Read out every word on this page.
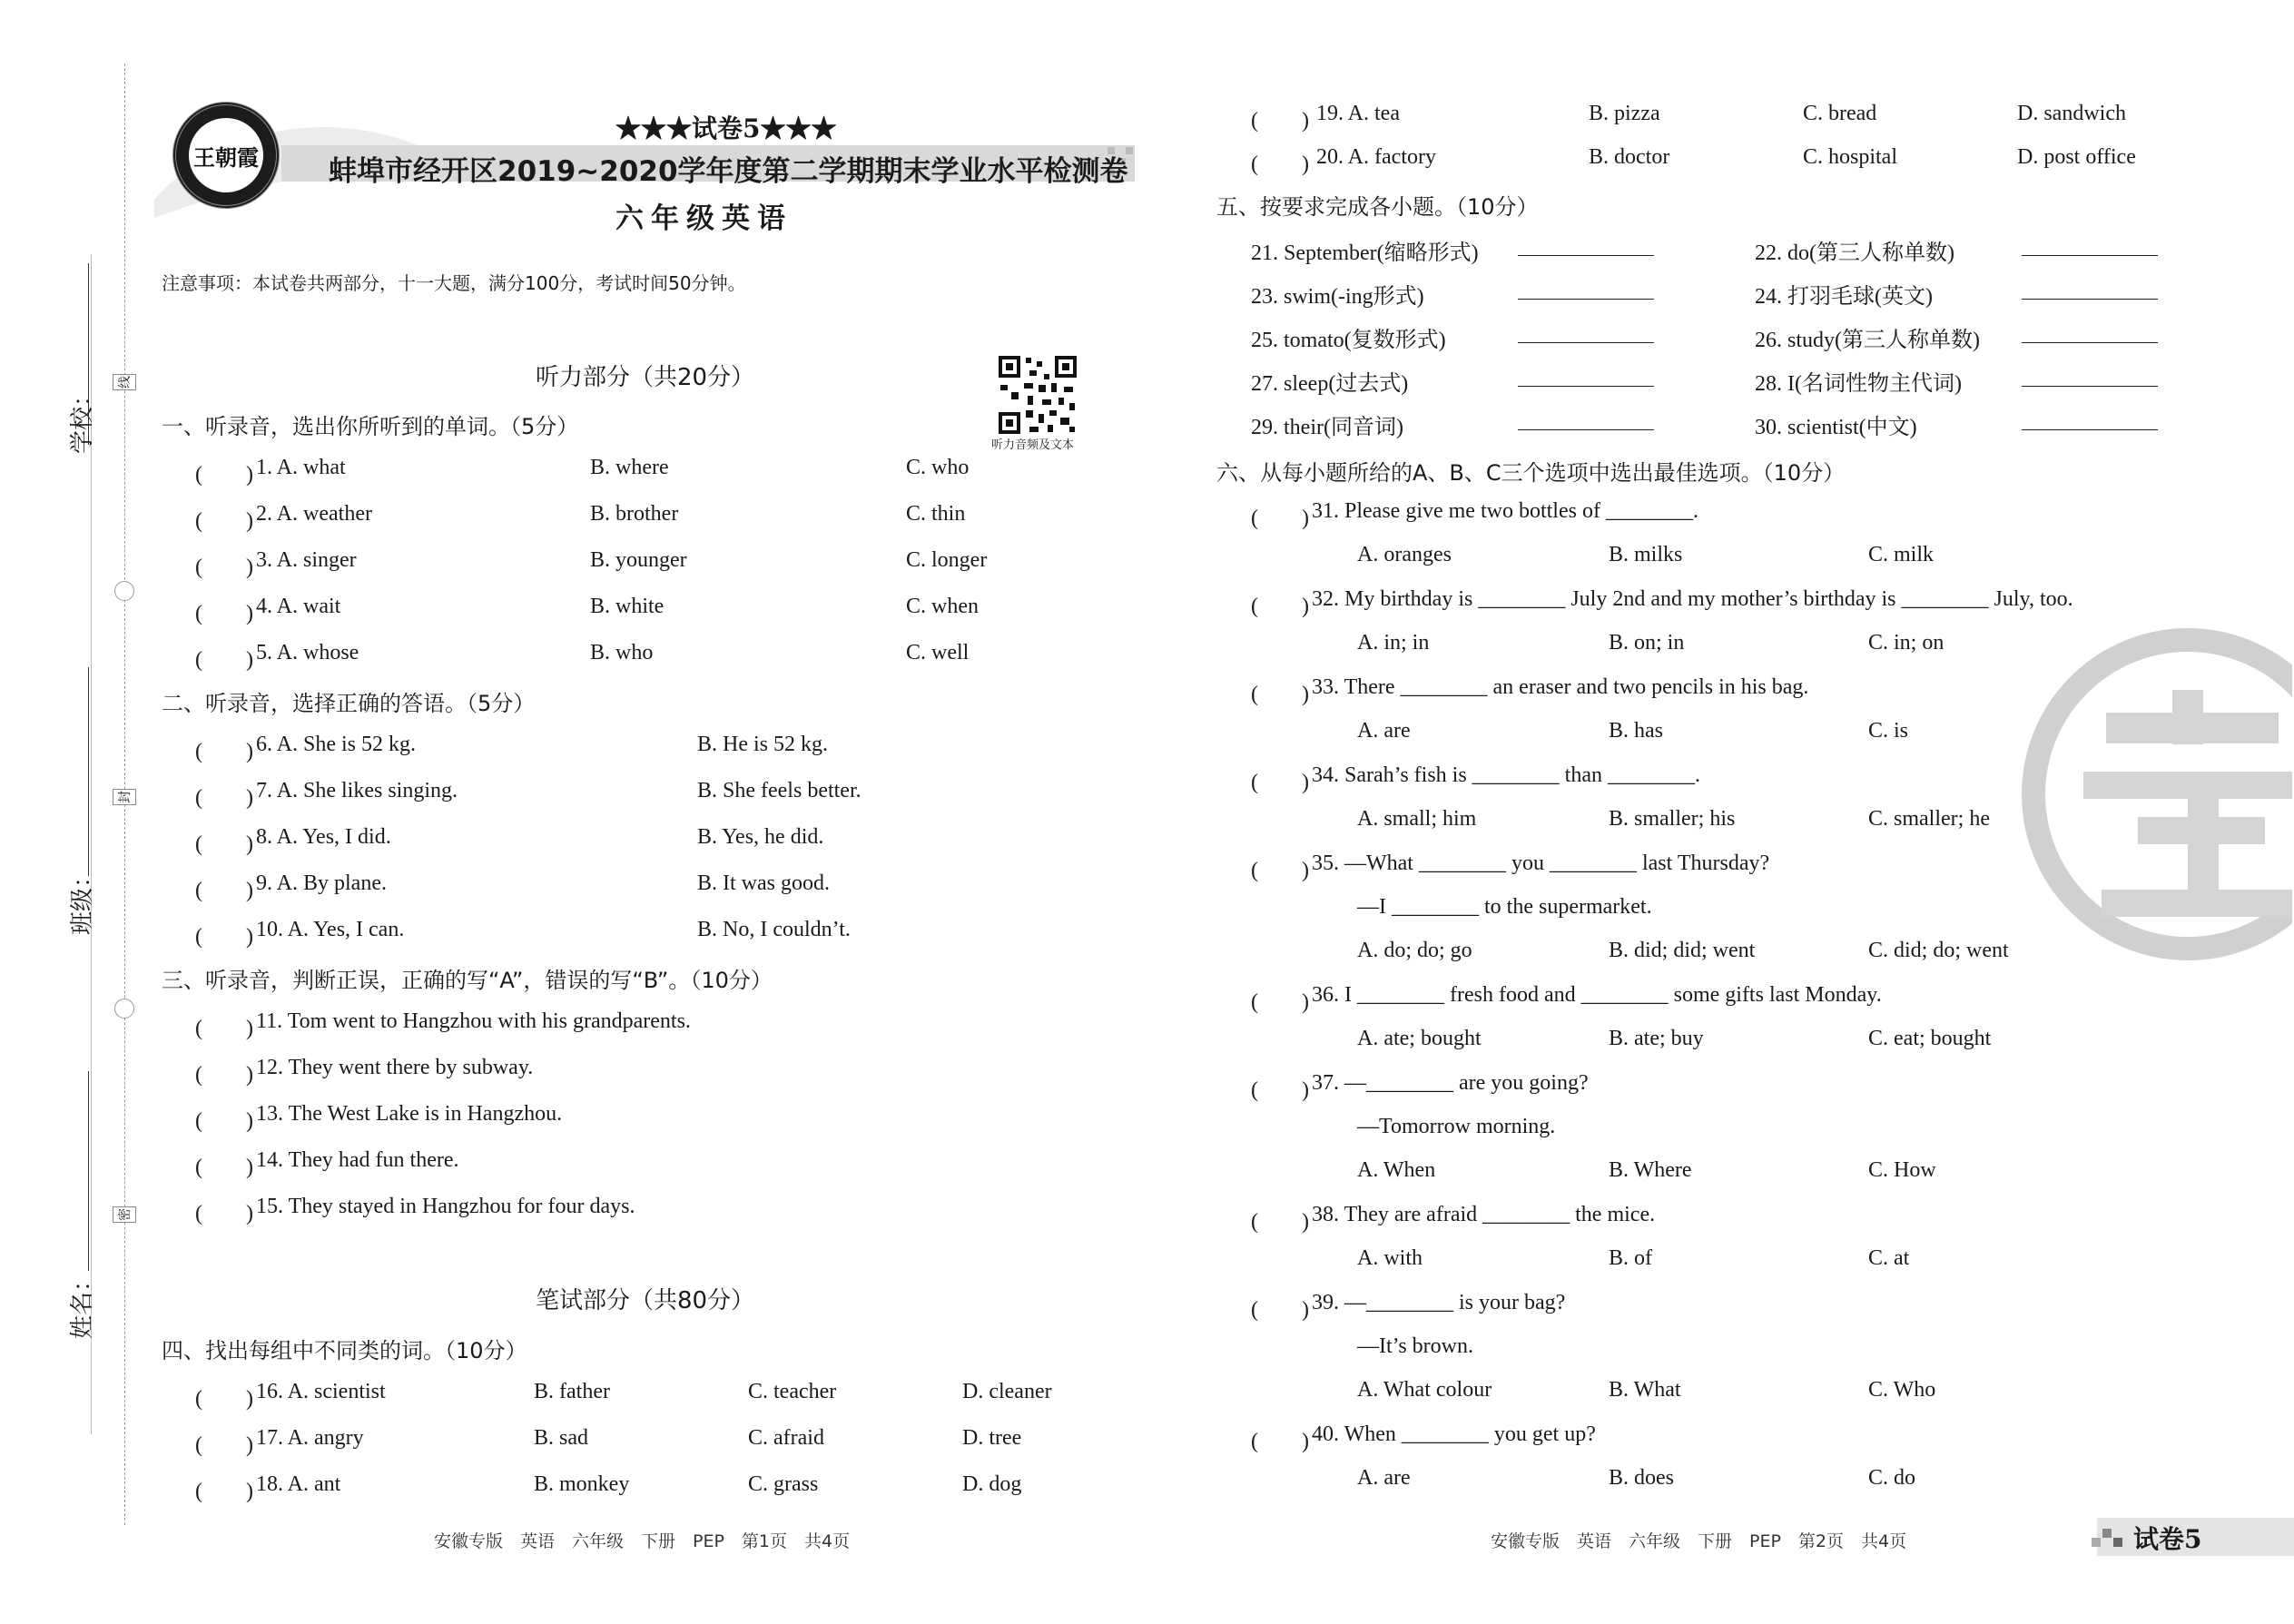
学校：
班级：
姓名：
线
封
密
王朝霞
★★★试卷5★★★
蚌埠市经开区2019~2020学年度第二学期期末学业水平检测卷
六年级英语
注意事项：本试卷共两部分，十一大题，满分100分，考试时间50分钟。
听力音频及文本
听力部分（共20分）
一、听录音，选出你所听到的单词。（5分）
(　　) 1. A. what	B. where	C. who
(　　) 2. A. weather	B. brother	C. thin
(　　) 3. A. singer	B. younger	C. longer
(　　) 4. A. wait	B. white	C. when
(　　) 5. A. whose	B. who	C. well
二、听录音，选择正确的答语。（5分）
(　　) 6. A. She is 52 kg.	B. He is 52 kg.
(　　) 7. A. She likes singing.	B. She feels better.
(　　) 8. A. Yes, I did.	B. Yes, he did.
(　　) 9. A. By plane.	B. It was good.
(　　) 10. A. Yes, I can.	B. No, I couldn’t.
三、听录音，判断正误，正确的写“A”，错误的写“B”。（10分）
(　　) 11. Tom went to Hangzhou with his grandparents.
(　　) 12. They went there by subway.
(　　) 13. The West Lake is in Hangzhou.
(　　) 14. They had fun there.
(　　) 15. They stayed in Hangzhou for four days.
笔试部分（共80分）
四、找出每组中不同类的词。（10分）
(　　) 16. A. scientist	B. father	C. teacher	D. cleaner
(　　) 17. A. angry	B. sad	C. afraid	D. tree
(　　) 18. A. ant	B. monkey	C. grass	D. dog
(　　) 19. A. tea	B. pizza	C. bread	D. sandwich
(　　) 20. A. factory	B. doctor	C. hospital	D. post office
五、按要求完成各小题。（10分）
21. September(缩略形式)	22. do(第三人称单数)
23. swim(-ing形式)	24. 打羽毛球(英文)
25. tomato(复数形式)	26. study(第三人称单数)
27. sleep(过去式)	28. I(名词性物主代词)
29. their(同音词)	30. scientist(中文)
六、从每小题所给的A、B、C三个选项中选出最佳选项。（10分）
(　　) 31. Please give me two bottles of ________.
A. oranges	B. milks	C. milk
(　　) 32. My birthday is ________ July 2nd and my mother’s birthday is ________ July, too.
A. in; in	B. on; in	C. in; on
(　　) 33. There ________ an eraser and two pencils in his bag.
A. are	B. has	C. is
(　　) 34. Sarah’s fish is ________ than ________.
A. small; him	B. smaller; his	C. smaller; he
(　　) 35. —What ________ you ________ last Thursday?
—I ________ to the supermarket.
A. do; do; go	B. did; did; went	C. did; do; went
(　　) 36. I ________ fresh food and ________ some gifts last Monday.
A. ate; bought	B. ate; buy	C. eat; bought
(　　) 37. —________ are you going?
—Tomorrow morning.
A. When	B. Where	C. How
(　　) 38. They are afraid ________ the mice.
A. with	B. of	C. at
(　　) 39. —________ is your bag?
—It’s brown.
A. What colour	B. What	C. Who
(　　) 40. When ________ you get up?
A. are	B. does	C. do
安徽专版　英语　六年级　下册　PEP　第1页　共4页	安徽专版　英语　六年级　下册　PEP　第2页　共4页	试卷5
